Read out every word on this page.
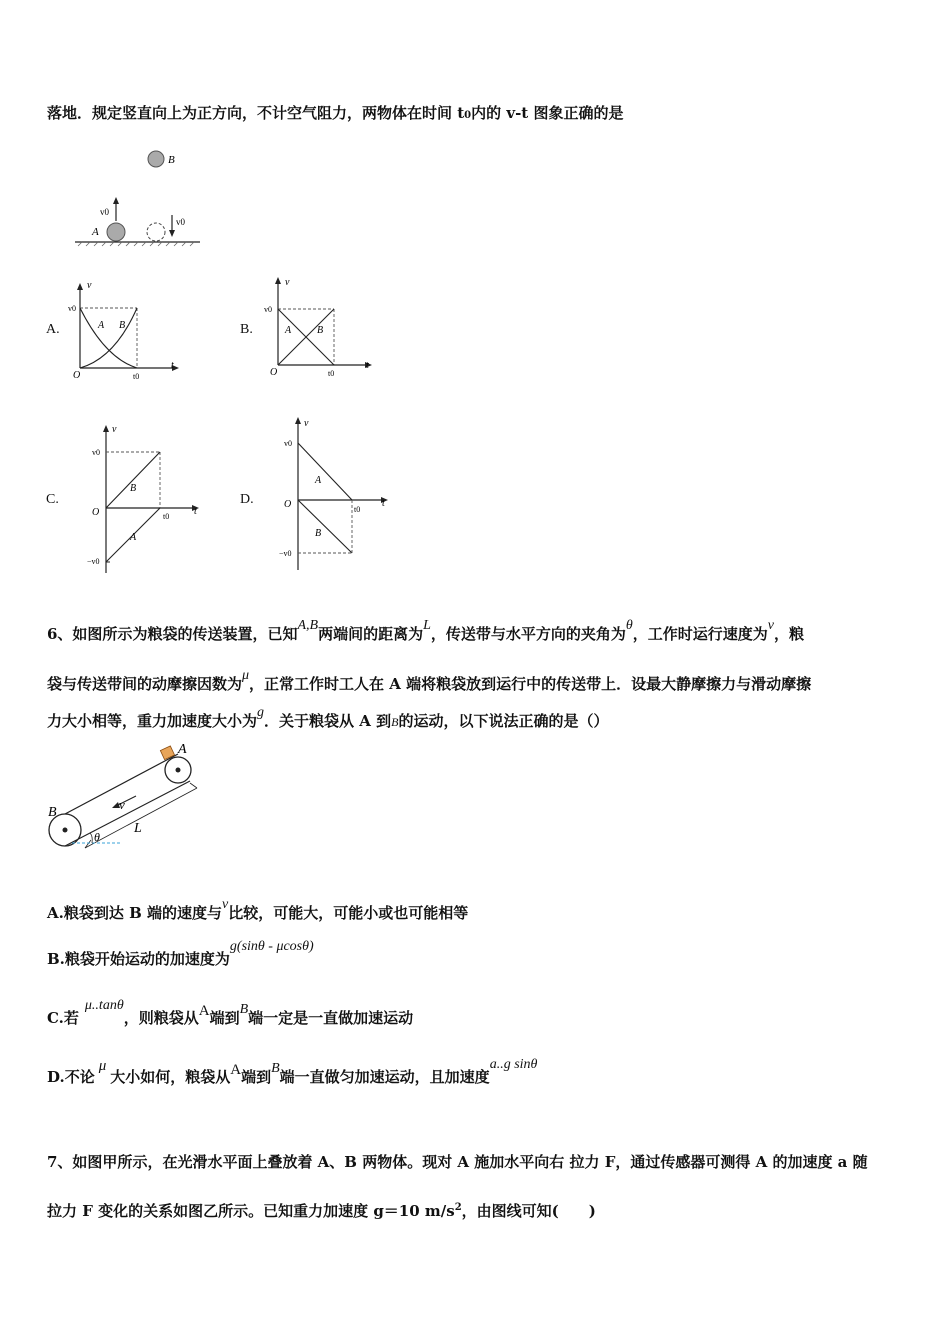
落地．规定竖直向上为正方向，不计空气阻力，两物体在时间 t0内的 v-t 图象正确的是
B
A
v0
v0
A.
v
t
O
v0
t0
A B	B.
v
t
O
v0
t0
A	B
C.
v
t
O
v0
−v0
t0
B
A
D.
v
t
O
v0
−v0
t0
A
B
6、如图所示为粮袋的传送装置，已知A,B两端间的距离为L，传送带与水平方向的夹角为θ，工作时运行速度为v，粮
袋与传送带间的动摩擦因数为μ，正常工作时工人在 A 端将粮袋放到运行中的传送带上．设最大静摩擦力与滑动摩擦
力大小相等，重力加速度大小为g．关于粮袋从 A 到B的运动，以下说法正确的是（）
A
B
v
L
θ
A.粮袋到达 B 端的速度与v比较，可能大，可能小或也可能相等
B.粮袋开始运动的加速度为g(sinθ - μcosθ)
C.若μ..tanθ，则粮袋从A端到B端一定是一直做加速运动
D.不论μ大小如何，粮袋从A端到B端一直做匀加速运动，且加速度a..g sinθ
7、如图甲所示，在光滑水平面上叠放着 A、B 两物体。现对 A 施加水平向右 拉力 F，通过传感器可测得 A 的加速度 a 随
拉力 F 变化的关系如图乙所示。已知重力加速度 g＝10 $m/s^2$，由图线可知(　　)
